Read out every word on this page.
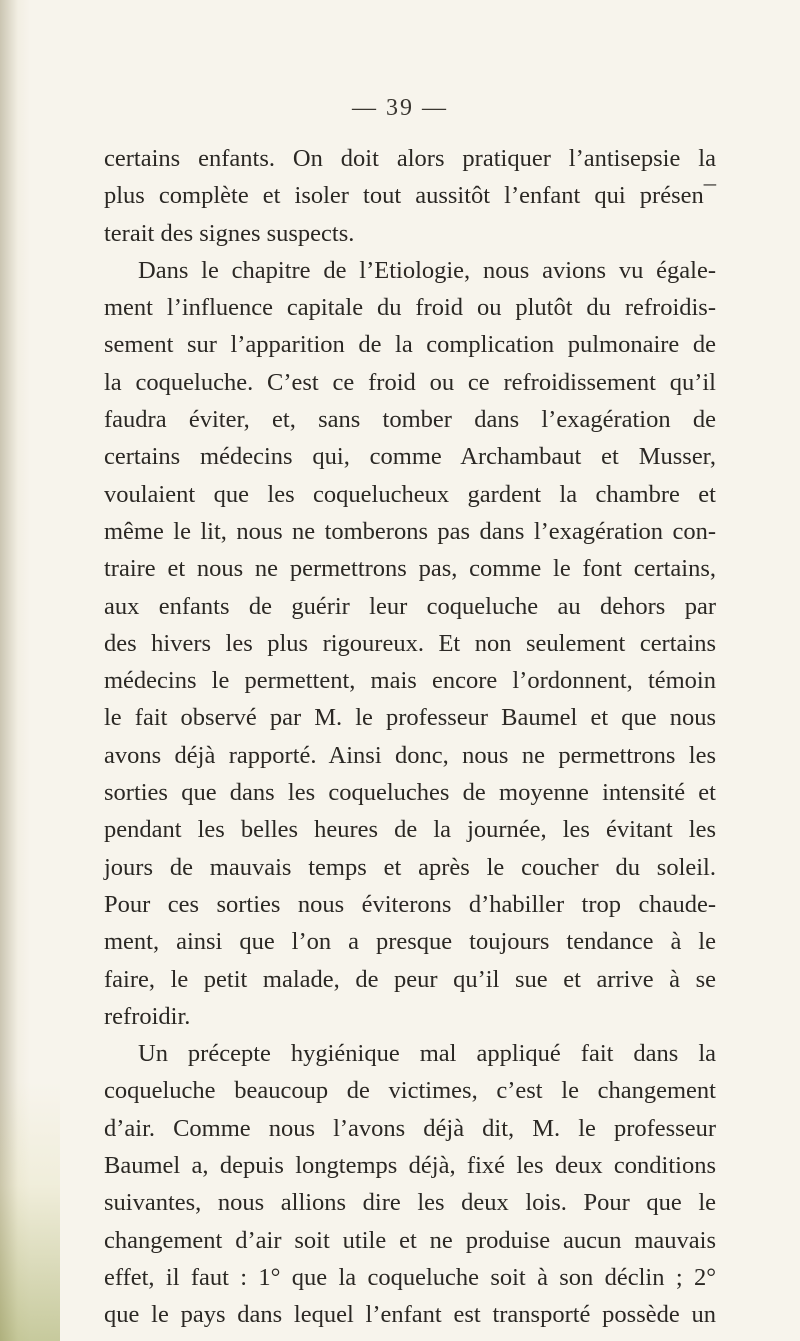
— 39 —
certains enfants. On doit alors pratiquer l’antisepsie la
plus complète et isoler tout aussitôt l’enfant qui présen¯
terait des signes suspects.
Dans le chapitre de l’Etiologie, nous avions vu égale-
ment l’influence capitale du froid ou plutôt du refroidis-
sement sur l’apparition de la complication pulmonaire de
la coqueluche. C’est ce froid ou ce refroidissement qu’il
faudra éviter, et, sans tomber dans l’exagération de
certains médecins qui, comme Archambaut et Musser,
voulaient que les coquelucheux gardent la chambre et
même le lit, nous ne tomberons pas dans l’exagération con-
traire et nous ne permettrons pas, comme le font certains,
aux enfants de guérir leur coqueluche au dehors par
des hivers les plus rigoureux. Et non seulement certains
médecins le permettent, mais encore l’ordonnent, témoin
le fait observé par M. le professeur Baumel et que nous
avons déjà rapporté. Ainsi donc, nous ne permettrons les
sorties que dans les coqueluches de moyenne intensité et
pendant les belles heures de la journée, les évitant les
jours de mauvais temps et après le coucher du soleil.
Pour ces sorties nous éviterons d’habiller trop chaude-
ment, ainsi que l’on a presque toujours tendance à le
faire, le petit malade, de peur qu’il sue et arrive à se
refroidir.
Un précepte hygiénique mal appliqué fait dans la
coqueluche beaucoup de victimes, c’est le changement
d’air. Comme nous l’avons déjà dit, M. le professeur
Baumel a, depuis longtemps déjà, fixé les deux conditions
suivantes, nous allions dire les deux lois. Pour que le
changement d’air soit utile et ne produise aucun mauvais
effet, il faut : 1° que la coqueluche soit à son déclin ; 2°
que le pays dans lequel l’enfant est transporté possède un
